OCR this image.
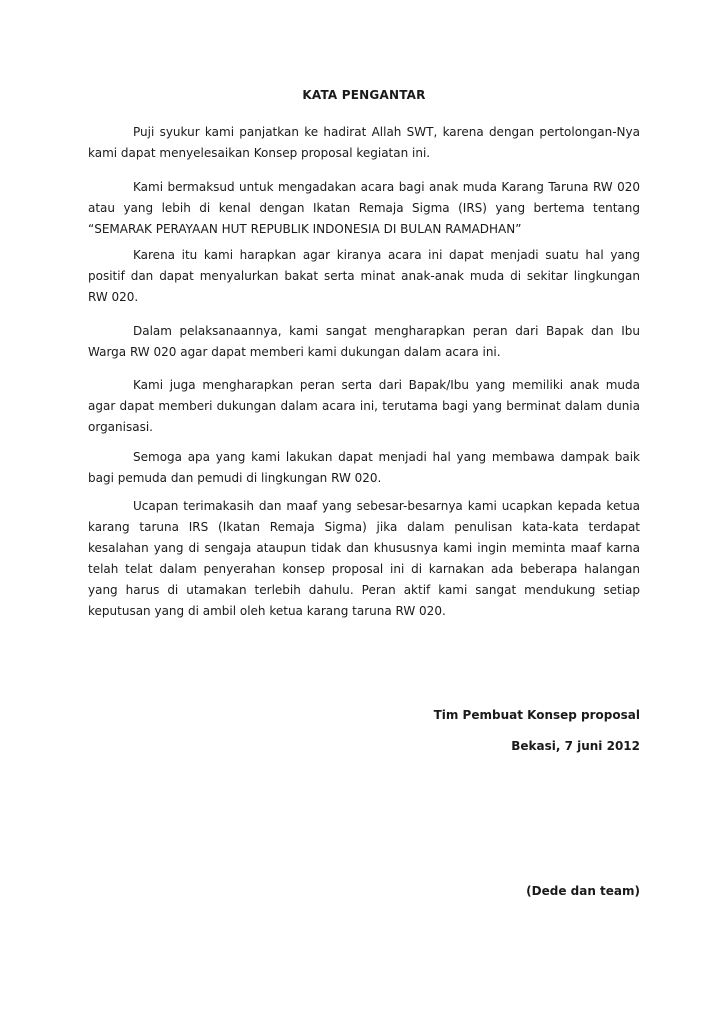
KATA PENGANTAR

Puji syukur kami panjatkan ke hadirat Allah SWT, karena dengan pertolongan-Nya kami dapat menyelesaikan Konsep proposal kegiatan ini.

Kami bermaksud untuk mengadakan acara bagi anak muda Karang Taruna RW 020 atau yang lebih di kenal dengan Ikatan Remaja Sigma (IRS) yang bertema tentang “SEMARAK PERAYAAN HUT REPUBLIK INDONESIA DI BULAN RAMADHAN”

Karena itu kami harapkan agar kiranya acara ini dapat menjadi suatu hal yang positif dan dapat menyalurkan bakat serta minat anak-anak muda di sekitar lingkungan RW 020.

Dalam pelaksanaannya, kami sangat mengharapkan peran dari Bapak dan Ibu Warga RW 020 agar dapat memberi kami dukungan dalam acara ini.

Kami juga mengharapkan peran serta dari Bapak/Ibu yang memiliki anak muda agar dapat memberi dukungan dalam acara ini, terutama bagi yang berminat dalam dunia organisasi.

Semoga apa yang kami lakukan dapat menjadi hal yang membawa dampak baik bagi pemuda dan pemudi di lingkungan RW 020.

Ucapan terimakasih dan maaf yang sebesar-besarnya kami ucapkan kepada ketua karang taruna IRS (Ikatan Remaja Sigma) jika dalam penulisan kata-kata terdapat kesalahan yang di sengaja ataupun tidak dan khususnya kami ingin meminta maaf karna telah telat dalam penyerahan konsep proposal ini di karnakan ada beberapa halangan yang harus di utamakan terlebih dahulu. Peran aktif kami sangat mendukung setiap keputusan yang di ambil oleh ketua karang taruna RW 020.

Tim Pembuat Konsep proposal
Bekasi, 7 juni 2012
(Dede dan team)
